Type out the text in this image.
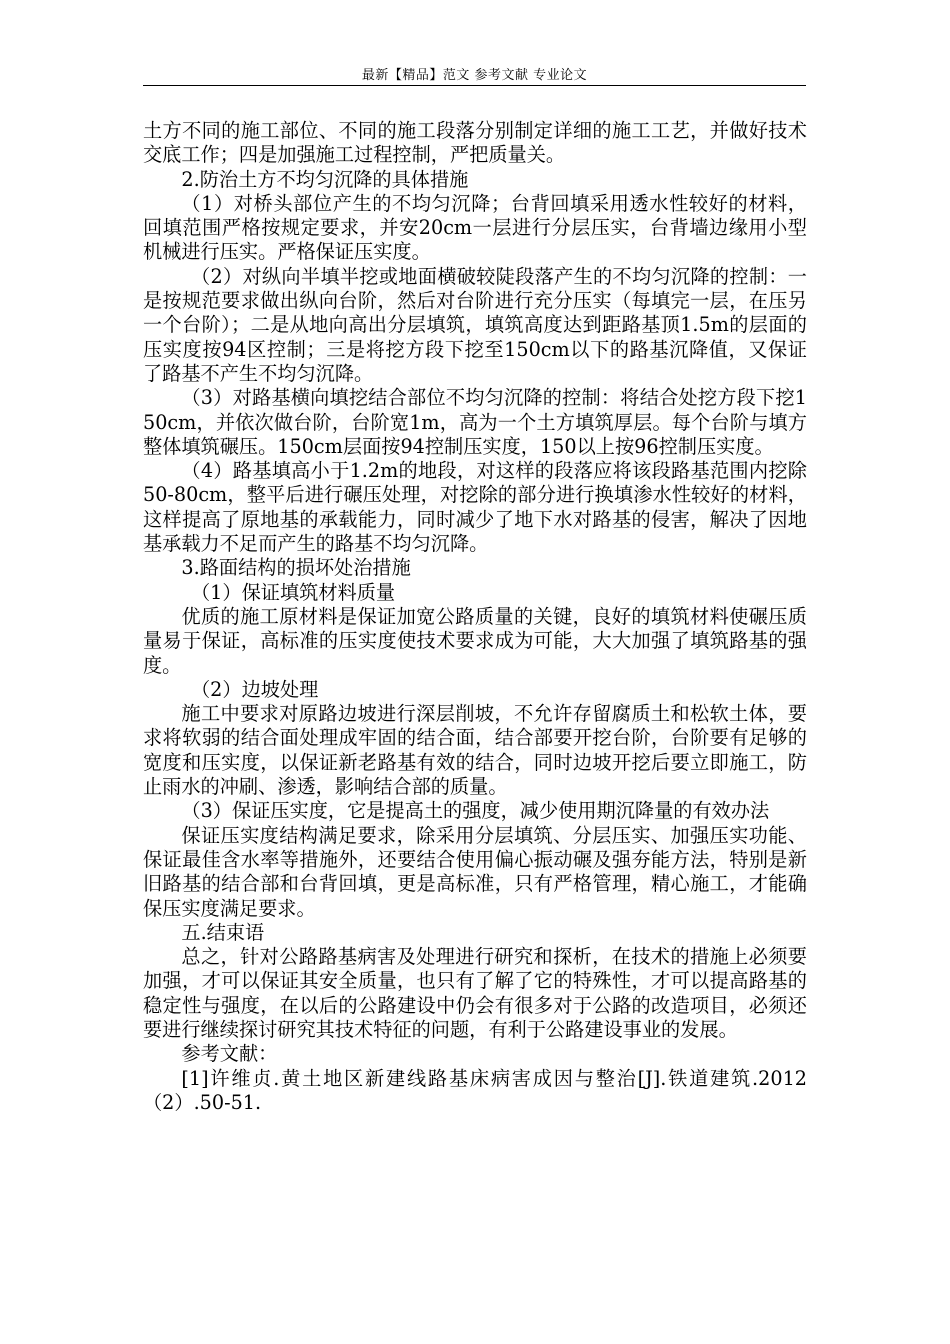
最新【精品】范文 参考文献 专业论文

土方不同的施工部位、不同的施工段落分别制定详细的施工工艺，并做好技术交底工作；四是加强施工过程控制，严把质量关。

2.防治土方不均匀沉降的具体措施

（1）对桥头部位产生的不均匀沉降；台背回填采用透水性较好的材料，回填范围严格按规定要求，并安20cm一层进行分层压实，台背墙边缘用小型机械进行压实。严格保证压实度。

（2）对纵向半填半挖或地面横破较陡段落产生的不均匀沉降的控制：一是按规范要求做出纵向台阶，然后对台阶进行充分压实（每填完一层，在压另一个台阶）；二是从地向高出分层填筑，填筑高度达到距路基顶1.5m的层面的压实度按94区控制；三是将挖方段下挖至150cm以下的路基沉降值，又保证了路基不产生不均匀沉降。

（3）对路基横向填挖结合部位不均匀沉降的控制：将结合处挖方段下挖150cm，并依次做台阶，台阶宽1m，高为一个土方填筑厚层。每个台阶与填方整体填筑碾压。150cm层面按94控制压实度，150以上按96控制压实度。

（4）路基填高小于1.2m的地段，对这样的段落应将该段路基范围内挖除50-80cm，整平后进行碾压处理，对挖除的部分进行换填渗水性较好的材料，这样提高了原地基的承载能力，同时减少了地下水对路基的侵害，解决了因地基承载力不足而产生的路基不均匀沉降。

3.路面结构的损坏处治措施

（1）保证填筑材料质量

优质的施工原材料是保证加宽公路质量的关键，良好的填筑材料使碾压质量易于保证，高标准的压实度使技术要求成为可能，大大加强了填筑路基的强度。

（2）边坡处理

施工中要求对原路边坡进行深层削坡，不允许存留腐质土和松软土体，要求将软弱的结合面处理成牢固的结合面，结合部要开挖台阶，台阶要有足够的宽度和压实度，以保证新老路基有效的结合，同时边坡开挖后要立即施工，防止雨水的冲刷、渗透，影响结合部的质量。

（3）保证压实度，它是提高土的强度，减少使用期沉降量的有效办法

保证压实度结构满足要求，除采用分层填筑、分层压实、加强压实功能、保证最佳含水率等措施外，还要结合使用偏心振动碾及强夯能方法，特别是新旧路基的结合部和台背回填，更是高标准，只有严格管理，精心施工，才能确保压实度满足要求。

五.结束语

总之，针对公路路基病害及处理进行研究和探析，在技术的措施上必须要加强，才可以保证其安全质量，也只有了解了它的特殊性，才可以提高路基的稳定性与强度，在以后的公路建设中仍会有很多对于公路的改造项目，必须还要进行继续探讨研究其技术特征的问题，有利于公路建设事业的发展。

参考文献：

[1]许维贞.黄土地区新建线路基床病害成因与整治[J].铁道建筑.2012（2）.50-51.
